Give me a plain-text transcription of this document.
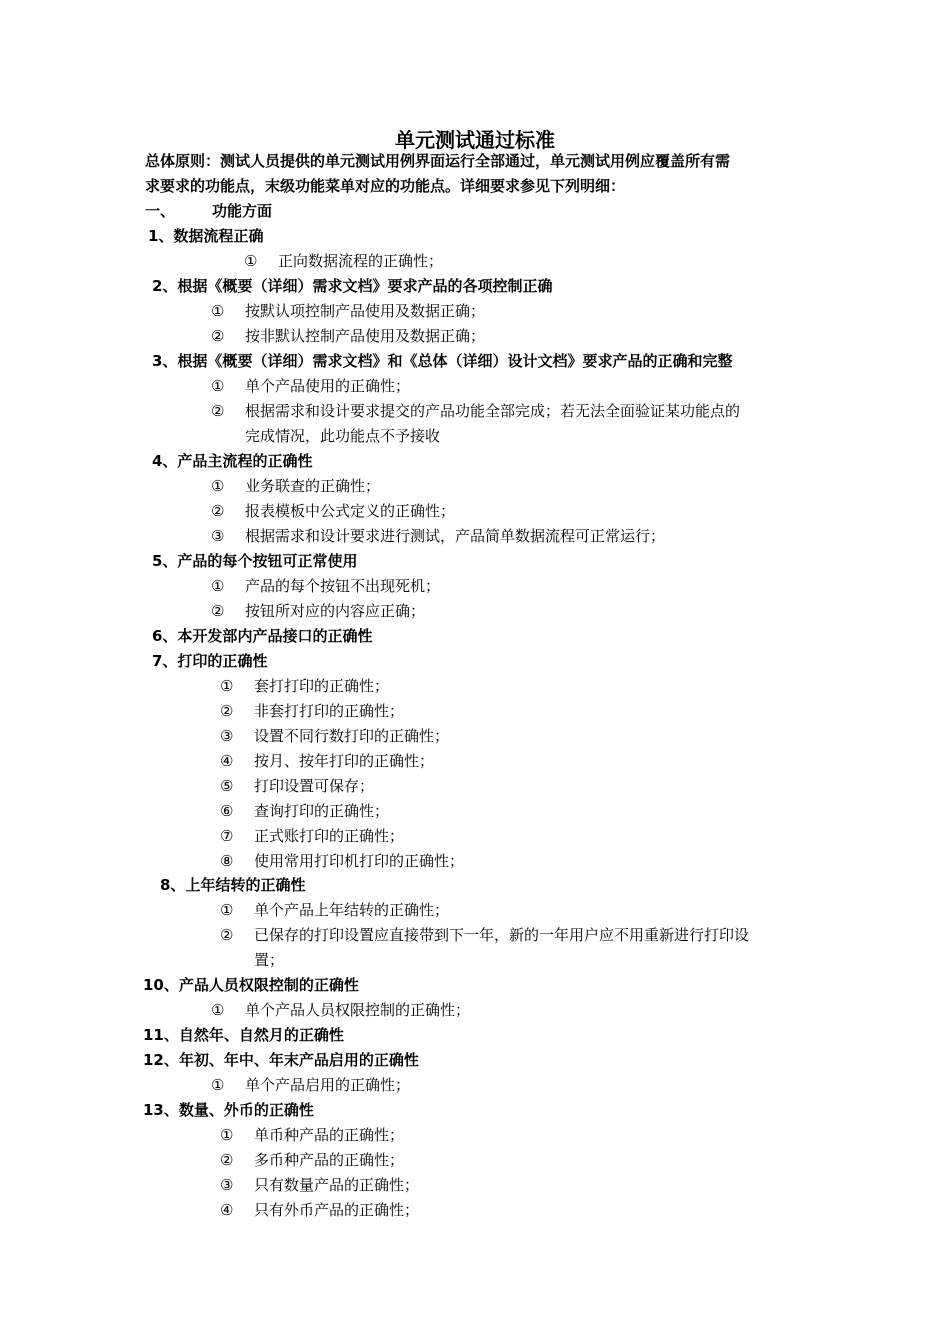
单元测试通过标准
总体原则：测试人员提供的单元测试用例界面运行全部通过，单元测试用例应覆盖所有需
求要求的功能点，末级功能菜单对应的功能点。详细要求参见下列明细：
一、 功能方面
1、数据流程正确
① 正向数据流程的正确性；
2、根据《概要（详细）需求文档》要求产品的各项控制正确
① 按默认项控制产品使用及数据正确；
② 按非默认控制产品使用及数据正确；
3、根据《概要（详细）需求文档》和《总体（详细）设计文档》要求产品的正确和完整
① 单个产品使用的正确性；
② 根据需求和设计要求提交的产品功能全部完成；若无法全面验证某功能点的
完成情况，此功能点不予接收
4、产品主流程的正确性
① 业务联查的正确性；
② 报表模板中公式定义的正确性；
③ 根据需求和设计要求进行测试，产品简单数据流程可正常运行；
5、产品的每个按钮可正常使用
① 产品的每个按钮不出现死机；
② 按钮所对应的内容应正确；
6、本开发部内产品接口的正确性
7、打印的正确性
① 套打打印的正确性；
② 非套打打印的正确性；
③ 设置不同行数打印的正确性；
④ 按月、按年打印的正确性；
⑤ 打印设置可保存；
⑥ 查询打印的正确性；
⑦ 正式账打印的正确性；
⑧ 使用常用打印机打印的正确性；
8、上年结转的正确性
① 单个产品上年结转的正确性；
② 已保存的打印设置应直接带到下一年，新的一年用户应不用重新进行打印设
置；
10、产品人员权限控制的正确性
① 单个产品人员权限控制的正确性；
11、自然年、自然月的正确性
12、年初、年中、年末产品启用的正确性
① 单个产品启用的正确性；
13、数量、外币的正确性
① 单币种产品的正确性；
② 多币种产品的正确性；
③ 只有数量产品的正确性；
④ 只有外币产品的正确性；
